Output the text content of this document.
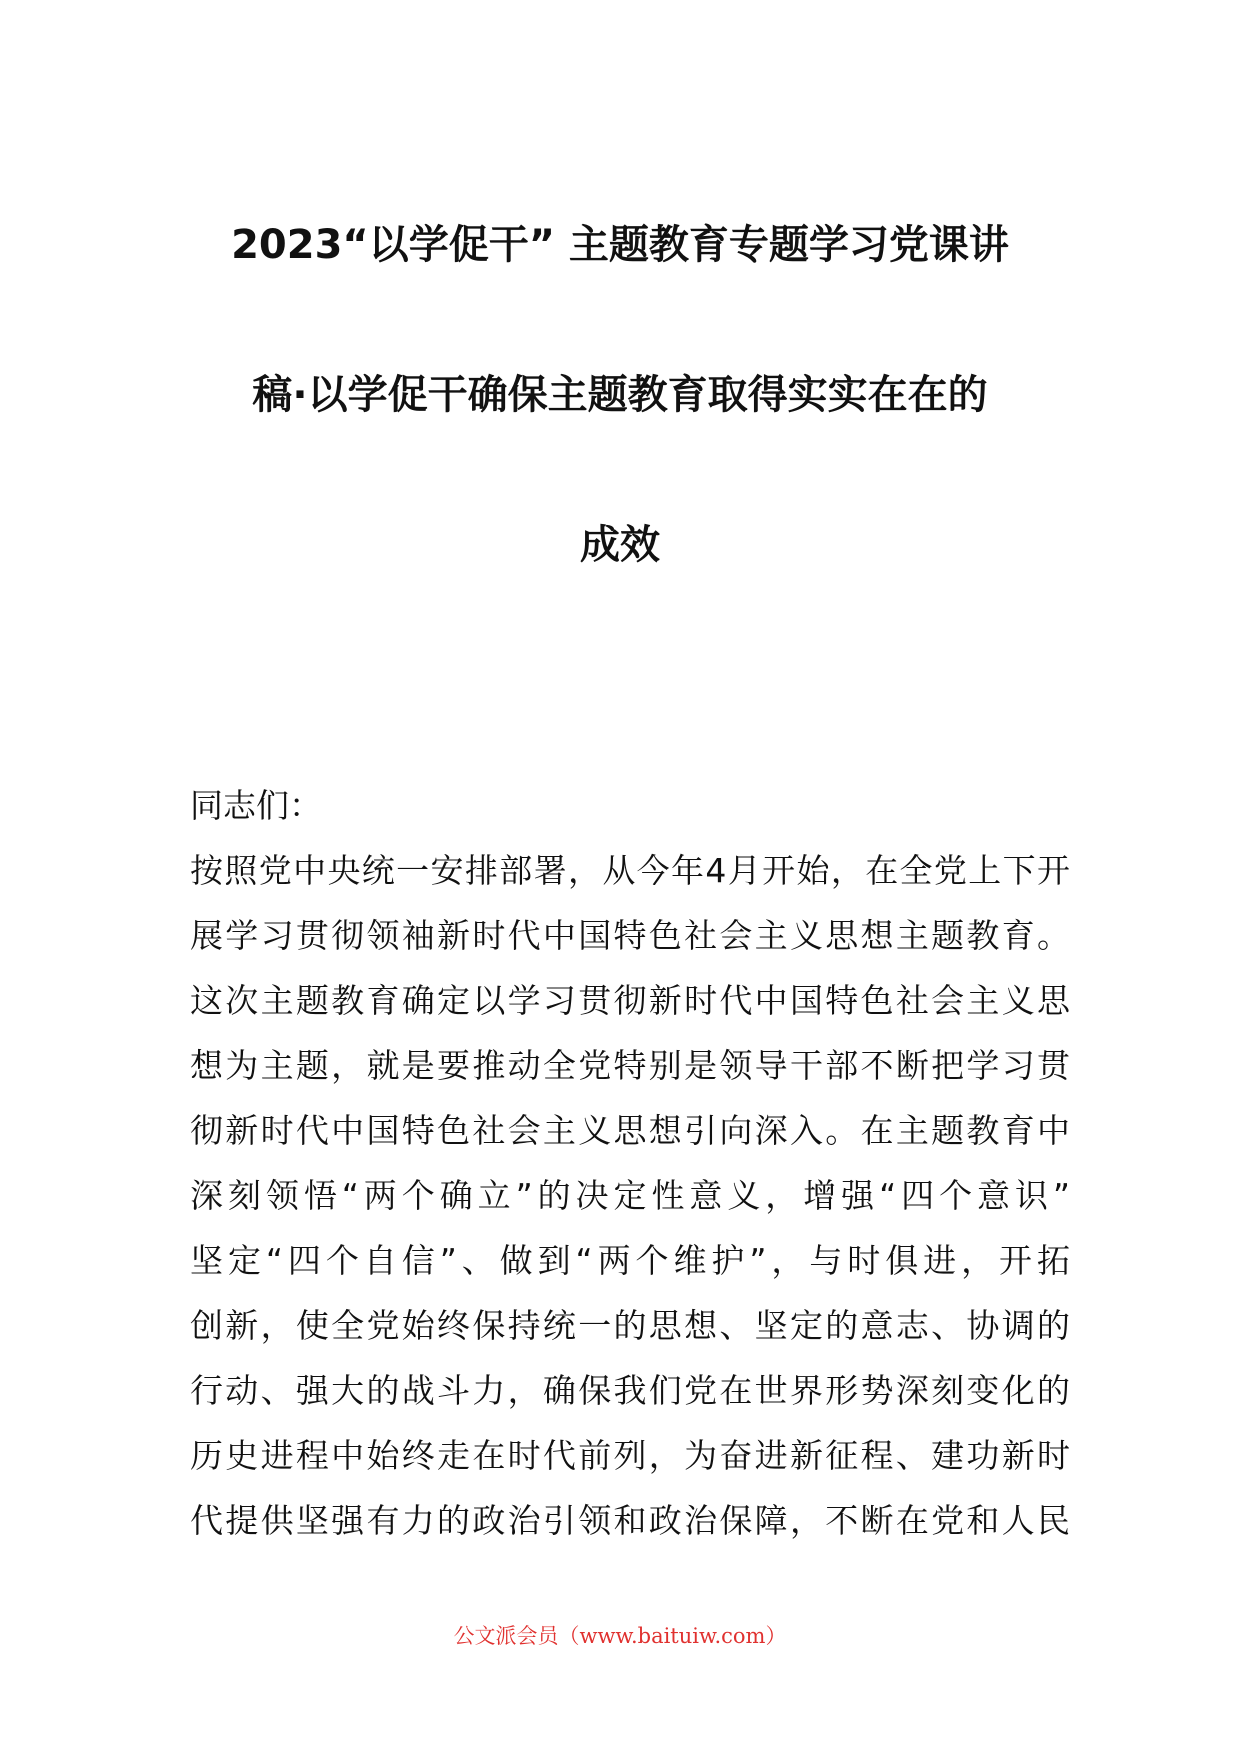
2023“以学促干” 主题教育专题学习党课讲
稿·以学促干确保主题教育取得实实在在的
成效
同志们：
按照党中央统一安排部署，从今年4月开始，在全党上下开
展学习贯彻领袖新时代中国特色社会主义思想主题教育。
这次主题教育确定以学习贯彻新时代中国特色社会主义思
想为主题，就是要推动全党特别是领导干部不断把学习贯
彻新时代中国特色社会主义思想引向深入。在主题教育中
深刻领悟“两个确立”的决定性意义，增强“四个意识”
坚定“四个自信”、做到“两个维护”，与时俱进，开拓
创新，使全党始终保持统一的思想、坚定的意志、协调的
行动、强大的战斗力，确保我们党在世界形势深刻变化的
历史进程中始终走在时代前列，为奋进新征程、建功新时
代提供坚强有力的政治引领和政治保障，不断在党和人民
公文派会员（www.baituiw.com）
